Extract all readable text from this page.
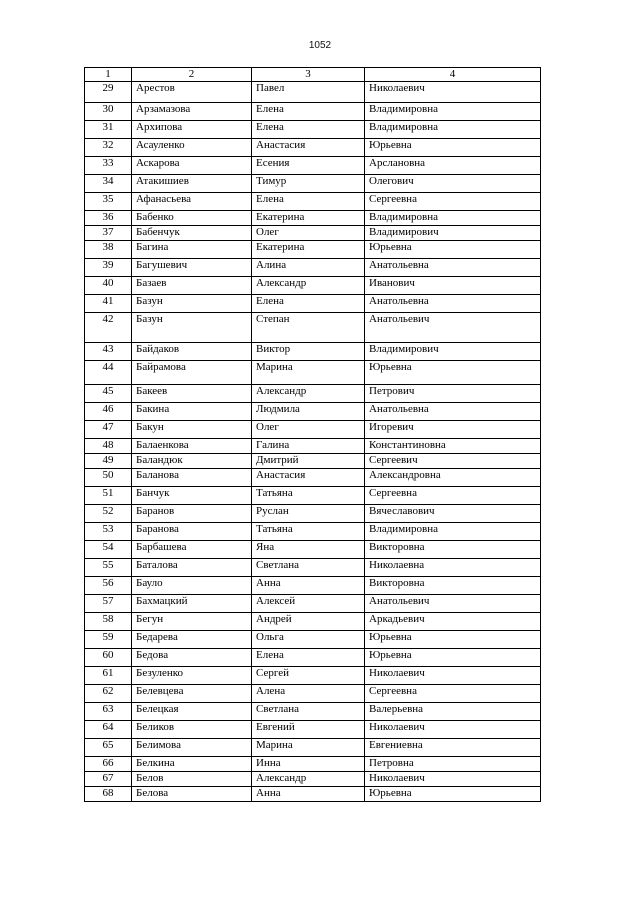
1052
1	2	3	4
29	Арестов	Павел	Николаевич
30	Арзамазова	Елена	Владимировна
31	Архипова	Елена	Владимировна
32	Асауленко	Анастасия	Юрьевна
33	Аскарова	Есения	Арслановна
34	Атакишиев	Тимур	Олегович
35	Афанасьева	Елена	Сергеевна
36	Бабенко	Екатерина	Владимировна
37	Бабенчук	Олег	Владимирович
38	Багина	Екатерина	Юрьевна
39	Багушевич	Алина	Анатольевна
40	Базаев	Александр	Иванович
41	Базун	Елена	Анатольевна
42	Базун	Степан	Анатольевич
43	Байдаков	Виктор	Владимирович
44	Байрамова	Марина	Юрьевна
45	Бакеев	Александр	Петрович
46	Бакина	Людмила	Анатольевна
47	Бакун	Олег	Игоревич
48	Балаенкова	Галина	Константиновна
49	Баландюк	Дмитрий	Сергеевич
50	Баланова	Анастасия	Александровна
51	Банчук	Татьяна	Сергеевна
52	Баранов	Руслан	Вячеславович
53	Баранова	Татьяна	Владимировна
54	Барбашева	Яна	Викторовна
55	Баталова	Светлана	Николаевна
56	Бауло	Анна	Викторовна
57	Бахмацкий	Алексей	Анатольевич
58	Бегун	Андрей	Аркадьевич
59	Бедарева	Ольга	Юрьевна
60	Бедова	Елена	Юрьевна
61	Безуленко	Сергей	Николаевич
62	Белевцева	Алена	Сергеевна
63	Белецкая	Светлана	Валерьевна
64	Беликов	Евгений	Николаевич
65	Белимова	Марина	Евгениевна
66	Белкина	Инна	Петровна
67	Белов	Александр	Николаевич
68	Белова	Анна	Юрьевна
